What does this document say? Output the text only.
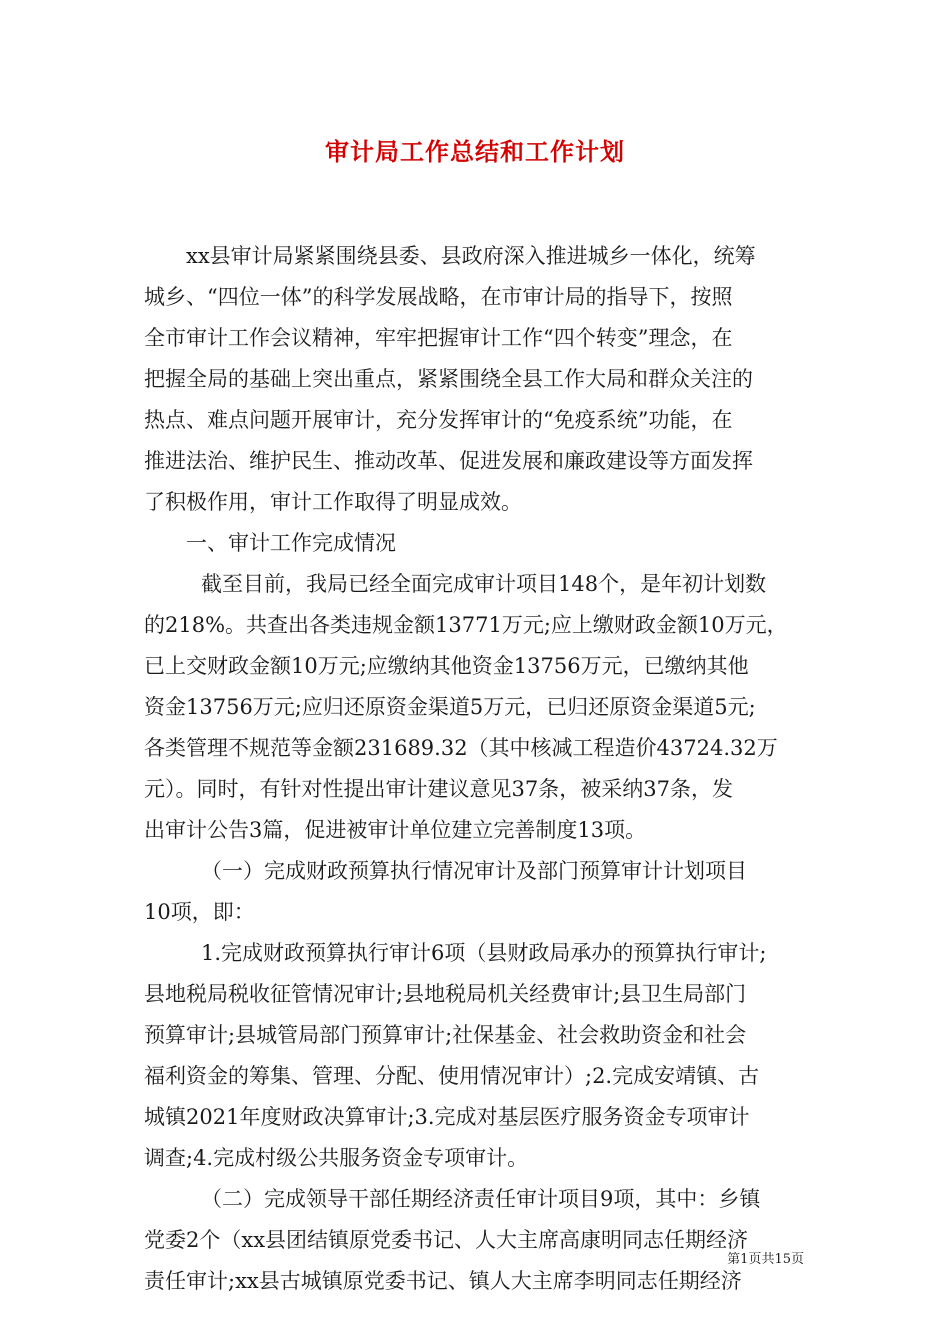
审计局工作总结和工作计划
xx县审计局紧紧围绕县委、县政府深入推进城乡一体化，统筹
城乡、“四位一体”的科学发展战略，在市审计局的指导下，按照
全市审计工作会议精神，牢牢把握审计工作“四个转变”理念，在
把握全局的基础上突出重点，紧紧围绕全县工作大局和群众关注的
热点、难点问题开展审计，充分发挥审计的“免疫系统”功能，在
推进法治、维护民生、推动改革、促进发展和廉政建设等方面发挥
了积极作用，审计工作取得了明显成效。
一、审计工作完成情况
截至目前，我局已经全面完成审计项目148个，是年初计划数
的218%。共查出各类违规金额13771万元;应上缴财政金额10万元，
已上交财政金额10万元;应缴纳其他资金13756万元，已缴纳其他
资金13756万元;应归还原资金渠道5万元，已归还原资金渠道5元;
各类管理不规范等金额231689.32（其中核减工程造价43724.32万
元）。同时，有针对性提出审计建议意见37条，被采纳37条，发
出审计公告3篇，促进被审计单位建立完善制度13项。
（一）完成财政预算执行情况审计及部门预算审计计划项目
10项，即：
1.完成财政预算执行审计6项（县财政局承办的预算执行审计;
县地税局税收征管情况审计;县地税局机关经费审计;县卫生局部门
预算审计;县城管局部门预算审计;社保基金、社会救助资金和社会
福利资金的筹集、管理、分配、使用情况审计）;2.完成安靖镇、古
城镇2021年度财政决算审计;3.完成对基层医疗服务资金专项审计
调查;4.完成村级公共服务资金专项审计。
（二）完成领导干部任期经济责任审计项目9项，其中：乡镇
党委2个（xx县团结镇原党委书记、人大主席高康明同志任期经济
责任审计;xx县古城镇原党委书记、镇人大主席李明同志任期经济
第1页共15页
